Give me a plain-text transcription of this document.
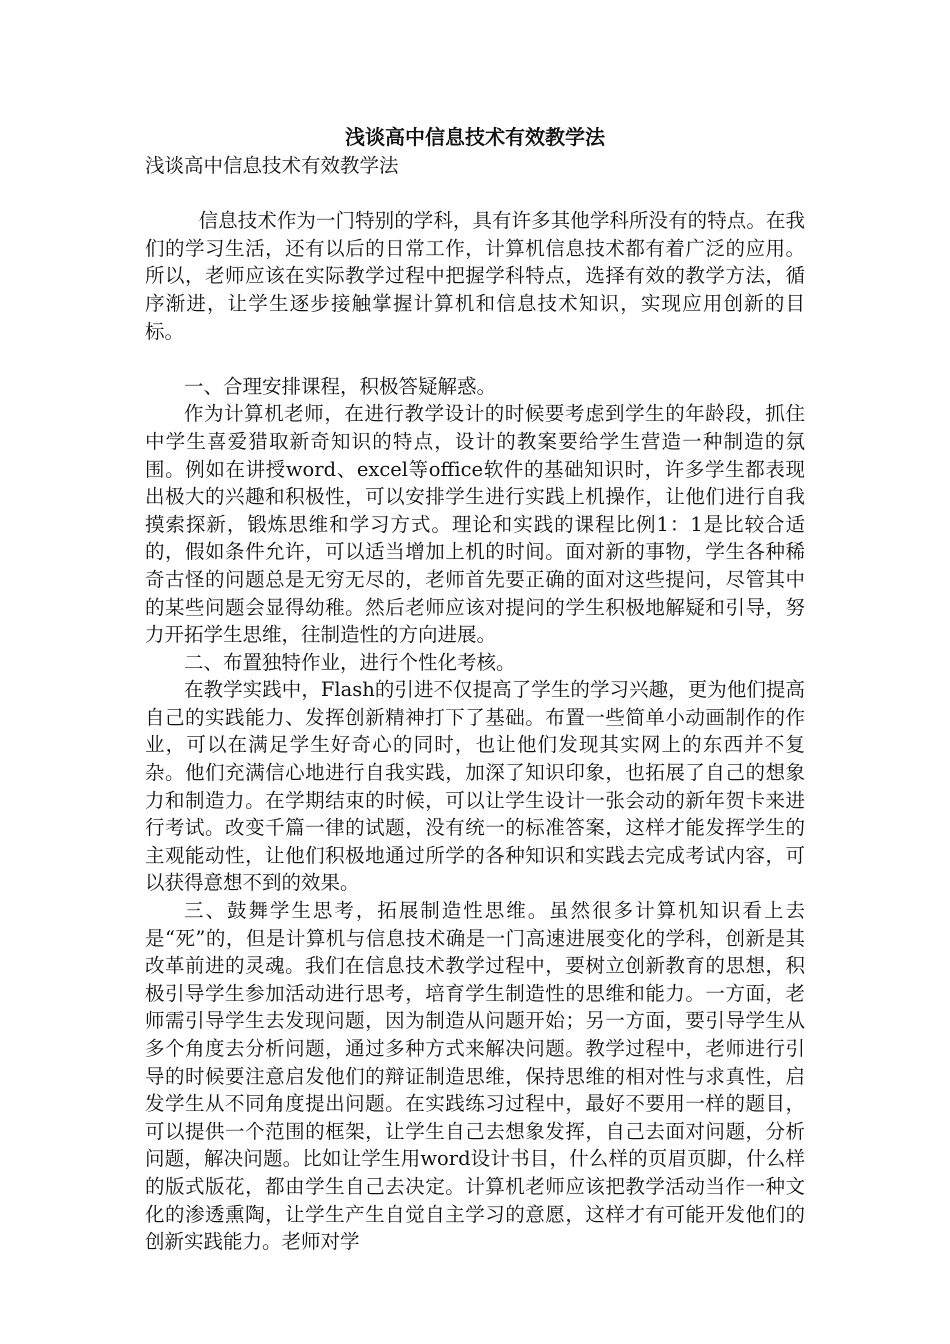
浅谈高中信息技术有效教学法

浅谈高中信息技术有效教学法

信息技术作为一门特别的学科，具有许多其他学科所没有的特点。在我们的学习生活，还有以后的日常工作，计算机信息技术都有着广泛的应用。所以，老师应该在实际教学过程中把握学科特点，选择有效的教学方法，循序渐进，让学生逐步接触掌握计算机和信息技术知识，实现应用创新的目标。

一、合理安排课程，积极答疑解惑。

作为计算机老师，在进行教学设计的时候要考虑到学生的年龄段，抓住中学生喜爱猎取新奇知识的特点，设计的教案要给学生营造一种制造的氛围。例如在讲授word、excel等office软件的基础知识时，许多学生都表现出极大的兴趣和积极性，可以安排学生进行实践上机操作，让他们进行自我摸索探新，锻炼思维和学习方式。理论和实践的课程比例1：1是比较合适的，假如条件允许，可以适当增加上机的时间。面对新的事物，学生各种稀奇古怪的问题总是无穷无尽的，老师首先要正确的面对这些提问，尽管其中的某些问题会显得幼稚。然后老师应该对提问的学生积极地解疑和引导，努力开拓学生思维，往制造性的方向进展。

二、布置独特作业，进行个性化考核。

在教学实践中，Flash的引进不仅提高了学生的学习兴趣，更为他们提高自己的实践能力、发挥创新精神打下了基础。布置一些简单小动画制作的作业，可以在满足学生好奇心的同时，也让他们发现其实网上的东西并不复杂。他们充满信心地进行自我实践，加深了知识印象，也拓展了自己的想象力和制造力。在学期结束的时候，可以让学生设计一张会动的新年贺卡来进行考试。改变千篇一律的试题，没有统一的标准答案，这样才能发挥学生的主观能动性，让他们积极地通过所学的各种知识和实践去完成考试内容，可以获得意想不到的效果。

三、鼓舞学生思考，拓展制造性思维。虽然很多计算机知识看上去是“死”的，但是计算机与信息技术确是一门高速进展变化的学科，创新是其改革前进的灵魂。我们在信息技术教学过程中，要树立创新教育的思想，积极引导学生参加活动进行思考，培育学生制造性的思维和能力。一方面，老师需引导学生去发现问题，因为制造从问题开始；另一方面，要引导学生从多个角度去分析问题，通过多种方式来解决问题。教学过程中，老师进行引导的时候要注意启发他们的辩证制造思维，保持思维的相对性与求真性，启发学生从不同角度提出问题。在实践练习过程中，最好不要用一样的题目，可以提供一个范围的框架，让学生自己去想象发挥，自己去面对问题，分析问题，解决问题。比如让学生用word设计书目，什么样的页眉页脚，什么样的版式版花，都由学生自己去决定。计算机老师应该把教学活动当作一种文化的渗透熏陶，让学生产生自觉自主学习的意愿，这样才有可能开发他们的创新实践能力。老师对学
